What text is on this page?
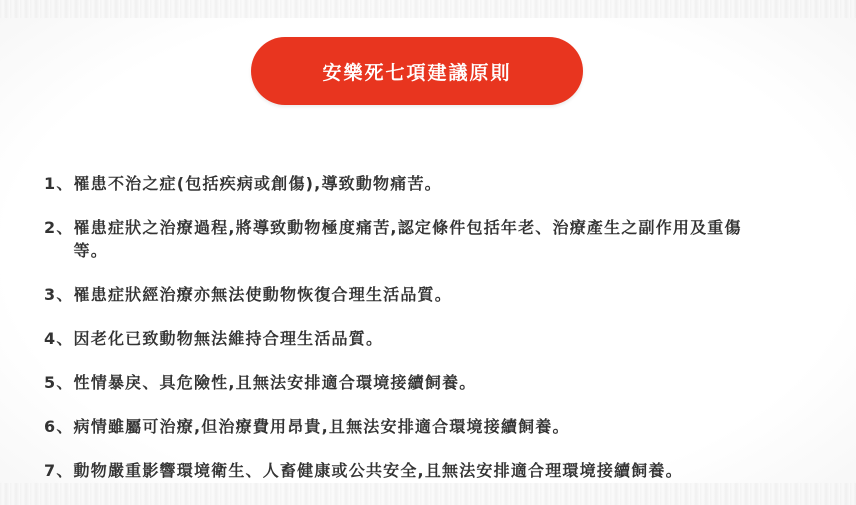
安樂死七項建議原則
1、 罹患不治之症(包括疾病或創傷),導致動物痛苦。
2、 罹患症狀之治療過程,將導致動物極度痛苦,認定條件包括年老、治療產生之副作用及重傷等。
3、 罹患症狀經治療亦無法使動物恢復合理生活品質。
4、 因老化已致動物無法維持合理生活品質。
5、 性情暴戾、具危險性,且無法安排適合環境接續飼養。
6、 病情雖屬可治療,但治療費用昂貴,且無法安排適合環境接續飼養。
7、 動物嚴重影響環境衛生、人畜健康或公共安全,且無法安排適合理環境接續飼養。
